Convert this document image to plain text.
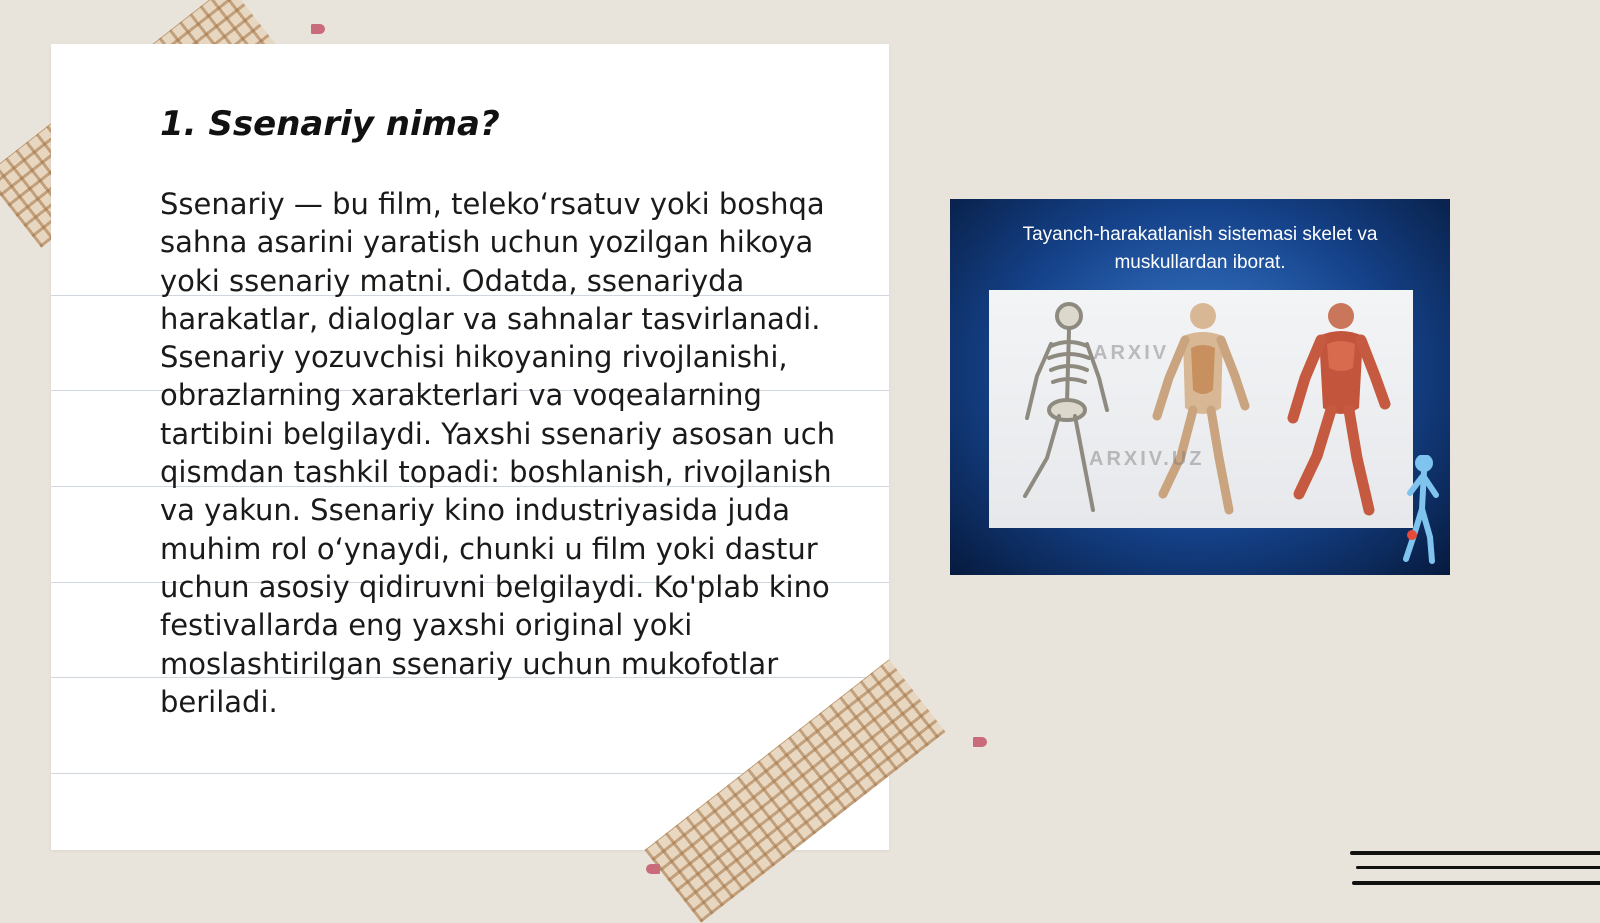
1. Ssenariy nima?

Ssenariy — bu film, telekoʻrsatuv yoki boshqa sahna asarini yaratish uchun yozilgan hikoya yoki ssenariy matni. Odatda, ssenariyda harakatlar, dialoglar va sahnalar tasvirlanadi. Ssenariy yozuvchisi hikoyaning rivojlanishi, obrazlarning xarakterlari va voqealarning tartibini belgilaydi. Yaxshi ssenariy asosan uch qismdan tashkil topadi: boshlanish, rivojlanish va yakun. Ssenariy kino industriyasida juda muhim rol oʻynaydi, chunki u film yoki dastur uchun asosiy qidiruvni belgilaydi. Ko'plab kino festivallarda eng yaxshi original yoki moslashtirilgan ssenariy uchun mukofotlar beriladi.

Tayanch-harakatlanish sistemasi skelet va
muskullardan iborat.
ARXIV
ARXIV.UZ
